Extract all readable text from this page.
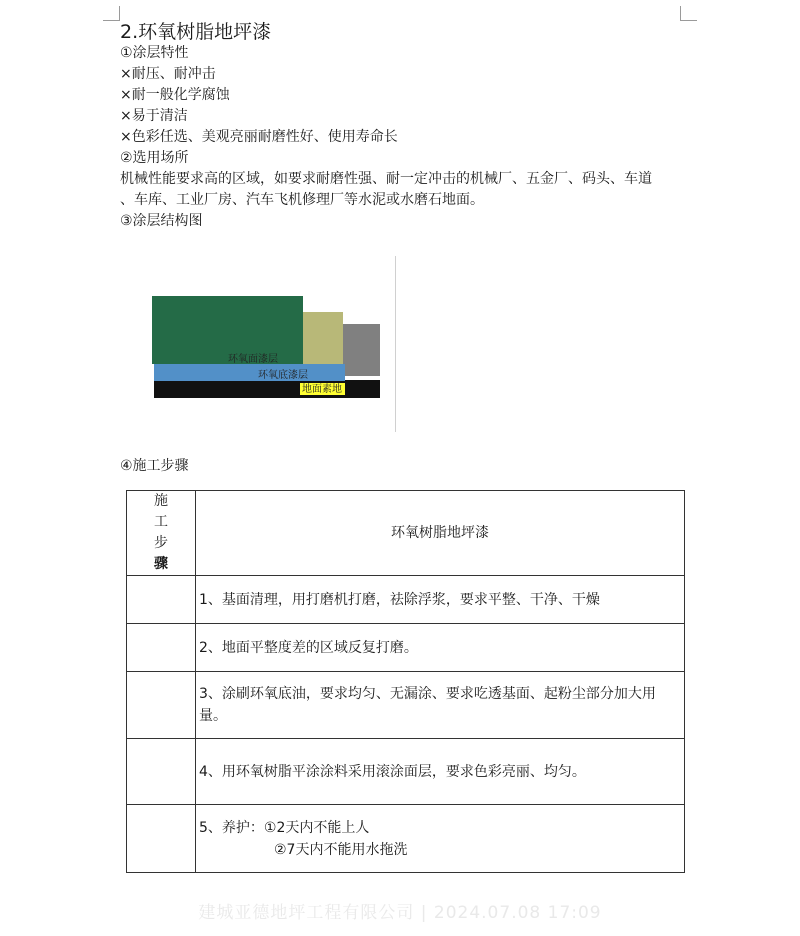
2.环氧树脂地坪漆
①涂层特性
×耐压、耐冲击
×耐一般化学腐蚀
×易于清洁
×色彩任选、美观亮丽耐磨性好、使用寿命长
②选用场所
机械性能要求高的区域，如要求耐磨性强、耐一定冲击的机械厂、五金厂、码头、车道
、车库、工业厂房、汽车飞机修理厂等水泥或水磨石地面。
③涂层结构图
环氧面漆层
环氧底漆层
地面素地
④施工步骤
施
工
步
骤	环氧树脂地坪漆
	1、基面清理，用打磨机打磨，祛除浮浆，要求平整、干净、干燥
	2、地面平整度差的区域反复打磨。
	3、涂刷环氧底油，要求均匀、无漏涂、要求吃透基面、起粉尘部分加大用量。
	4、用环氧树脂平涂涂料采用滚涂面层，要求色彩亮丽、均匀。

	5、养护：①2天内不能上人
②7天内不能用水拖洗
建城亚德地坪工程有限公司 | 2024.07.08 17:09
